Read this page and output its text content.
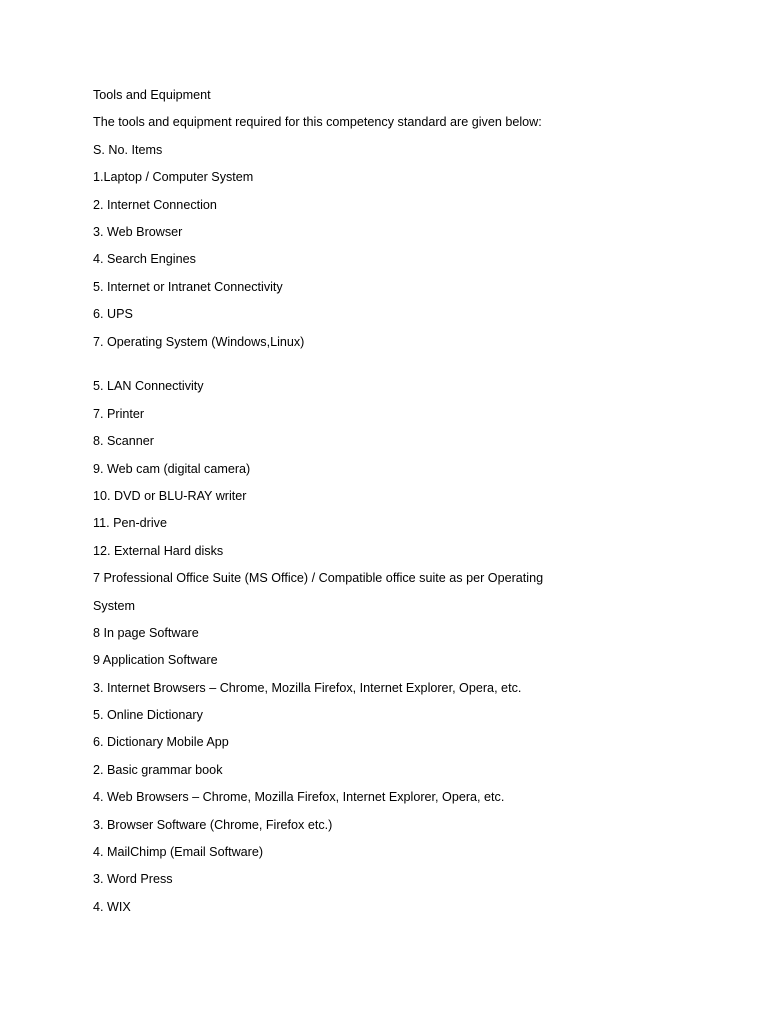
Tools and Equipment
The tools and equipment required for this competency standard are given below:
S. No. Items
1.Laptop / Computer System
2. Internet Connection
3. Web Browser
4. Search Engines
5. Internet or Intranet Connectivity
6. UPS
7. Operating System (Windows,Linux)
5. LAN Connectivity
7. Printer
8. Scanner
9. Web cam (digital camera)
10. DVD or BLU-RAY writer
11. Pen-drive
12. External Hard disks
7 Professional Office Suite (MS Office) / Compatible office suite as per Operating
System
8 In page Software
9 Application Software
3. Internet Browsers – Chrome, Mozilla Firefox, Internet Explorer, Opera, etc.
5. Online Dictionary
6. Dictionary Mobile App
2. Basic grammar book
4. Web Browsers – Chrome, Mozilla Firefox, Internet Explorer, Opera, etc.
3. Browser Software (Chrome, Firefox etc.)
4. MailChimp (Email Software)
3. Word Press
4. WIX
